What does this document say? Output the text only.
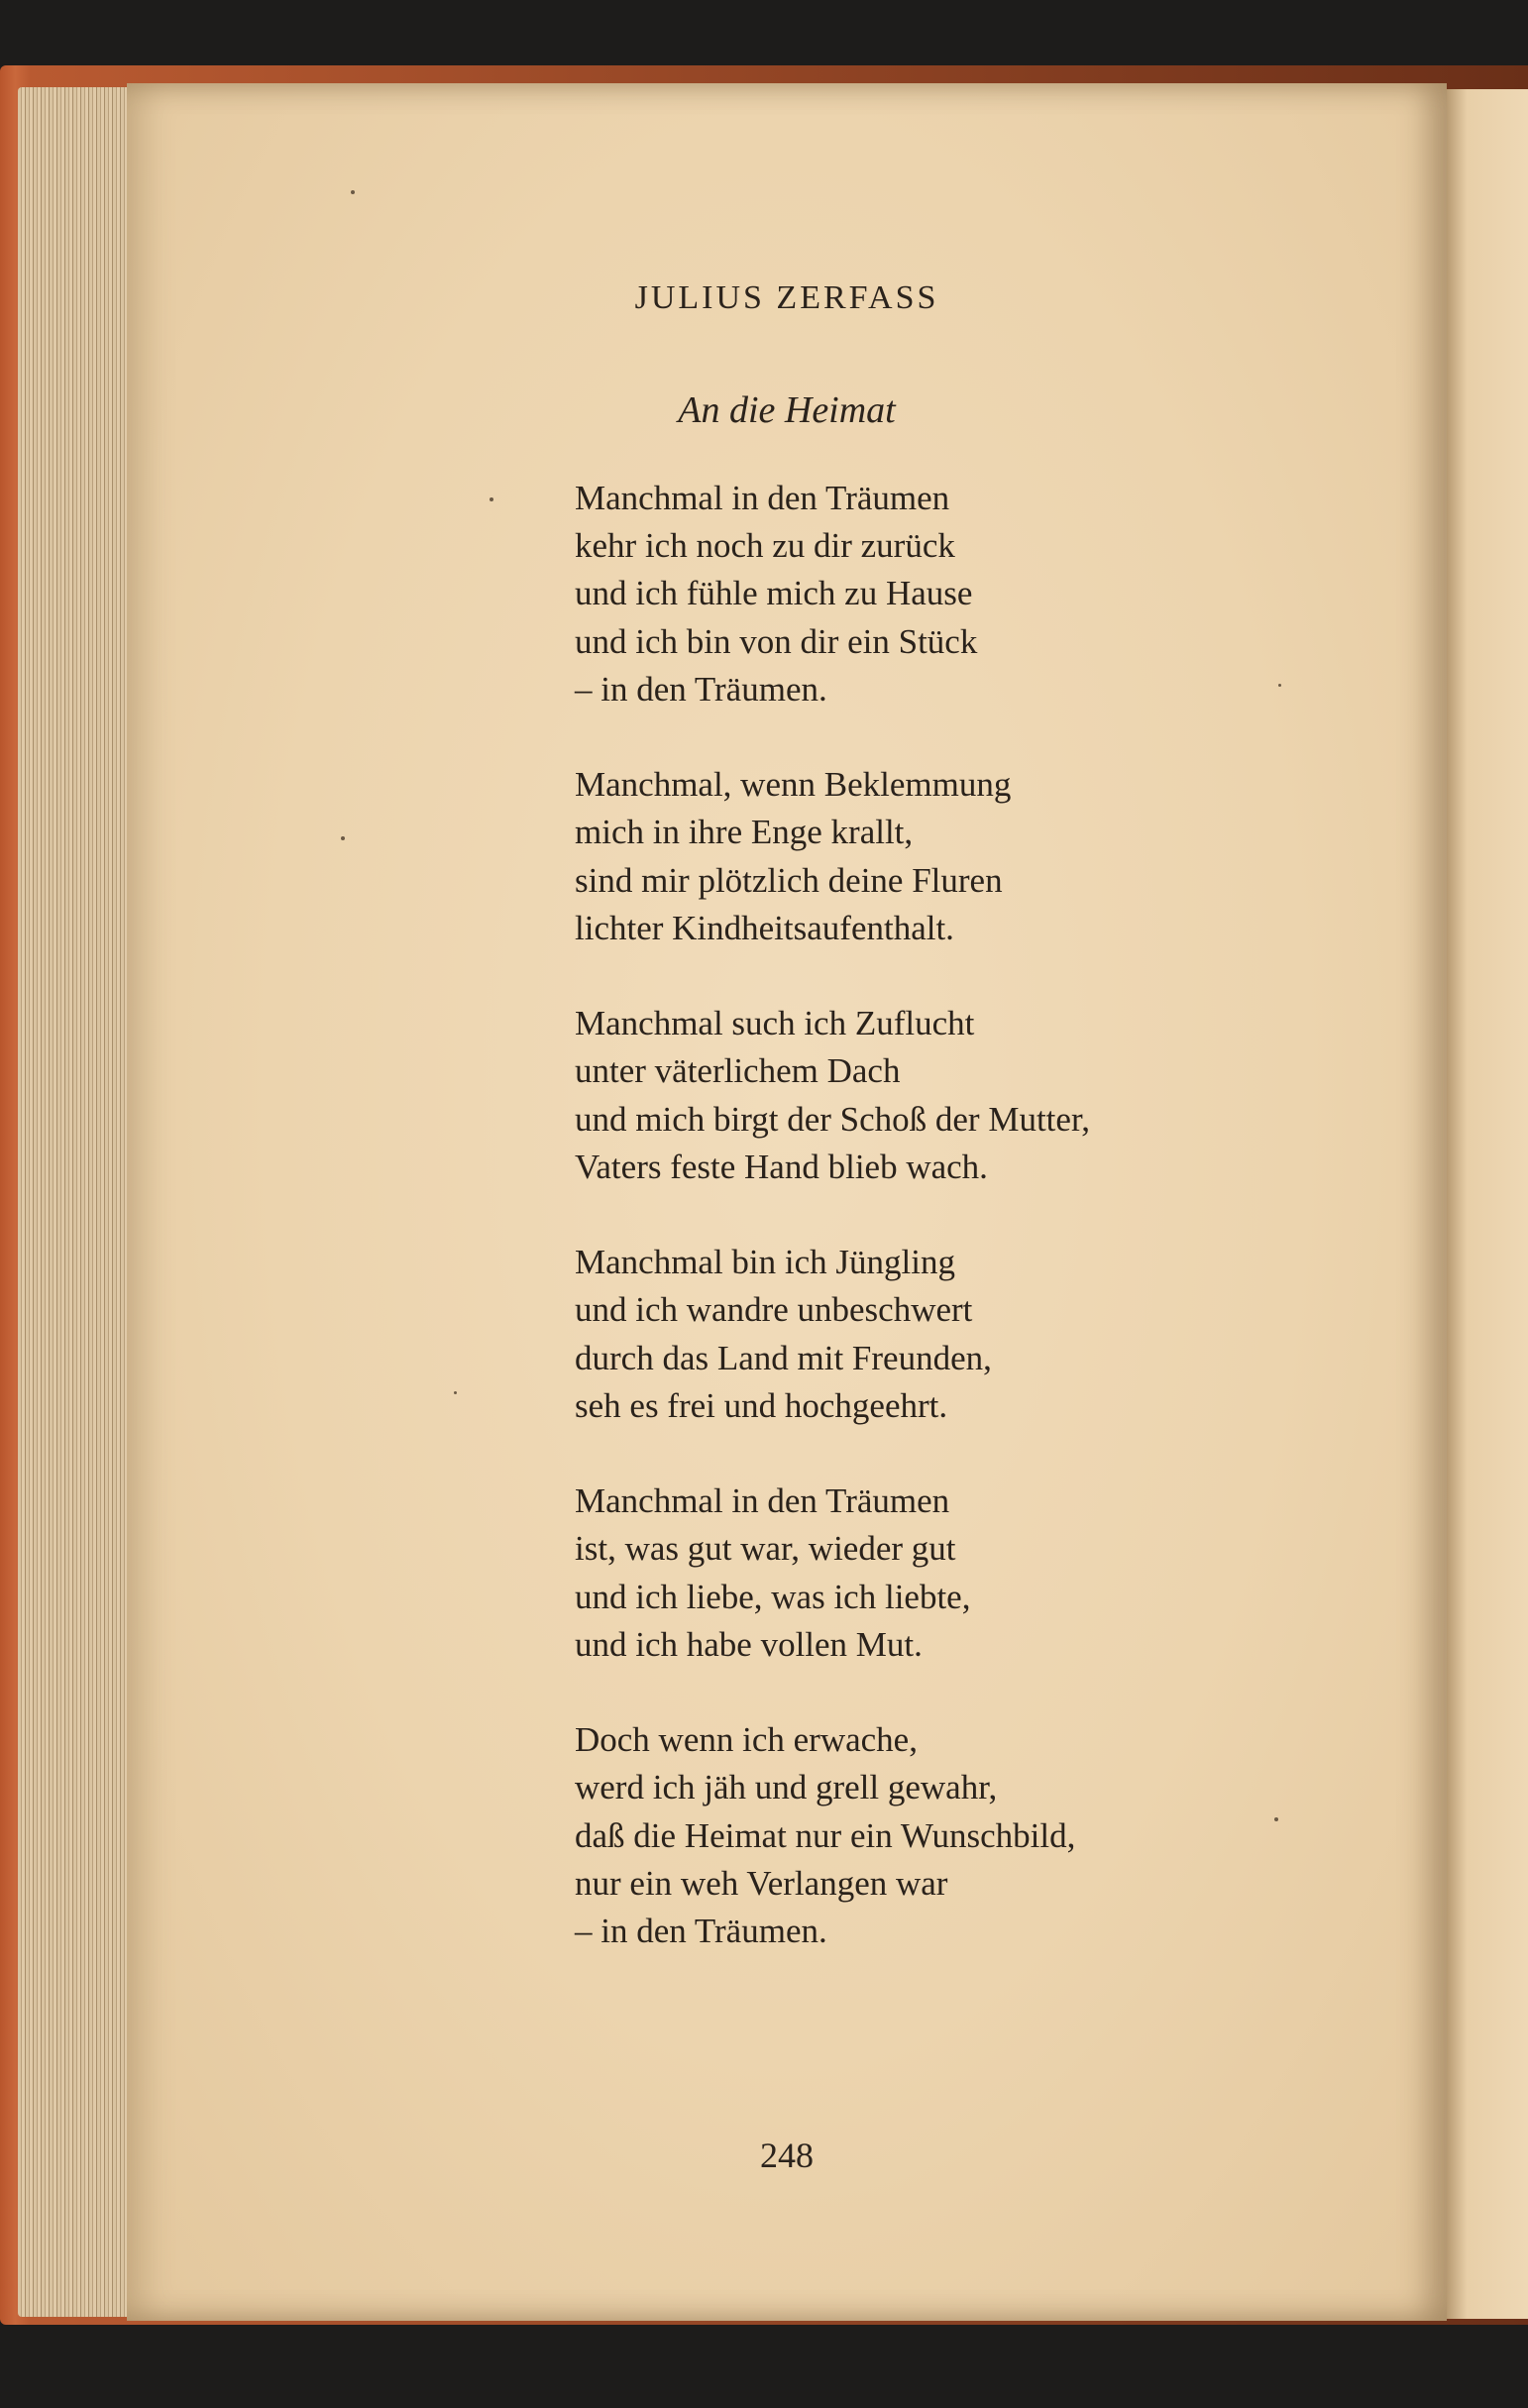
JULIUS ZERFASS
An die Heimat
Manchmal in den Träumen
kehr ich noch zu dir zurück
und ich fühle mich zu Hause
und ich bin von dir ein Stück
– in den Träumen.
Manchmal, wenn Beklemmung
mich in ihre Enge krallt,
sind mir plötzlich deine Fluren
lichter Kindheitsaufenthalt.
Manchmal such ich Zuflucht
unter väterlichem Dach
und mich birgt der Schoß der Mutter,
Vaters feste Hand blieb wach.
Manchmal bin ich Jüngling
und ich wandre unbeschwert
durch das Land mit Freunden,
seh es frei und hochgeehrt.
Manchmal in den Träumen
ist, was gut war, wieder gut
und ich liebe, was ich liebte,
und ich habe vollen Mut.
Doch wenn ich erwache,
werd ich jäh und grell gewahr,
daß die Heimat nur ein Wunschbild,
nur ein weh Verlangen war
– in den Träumen.
248
